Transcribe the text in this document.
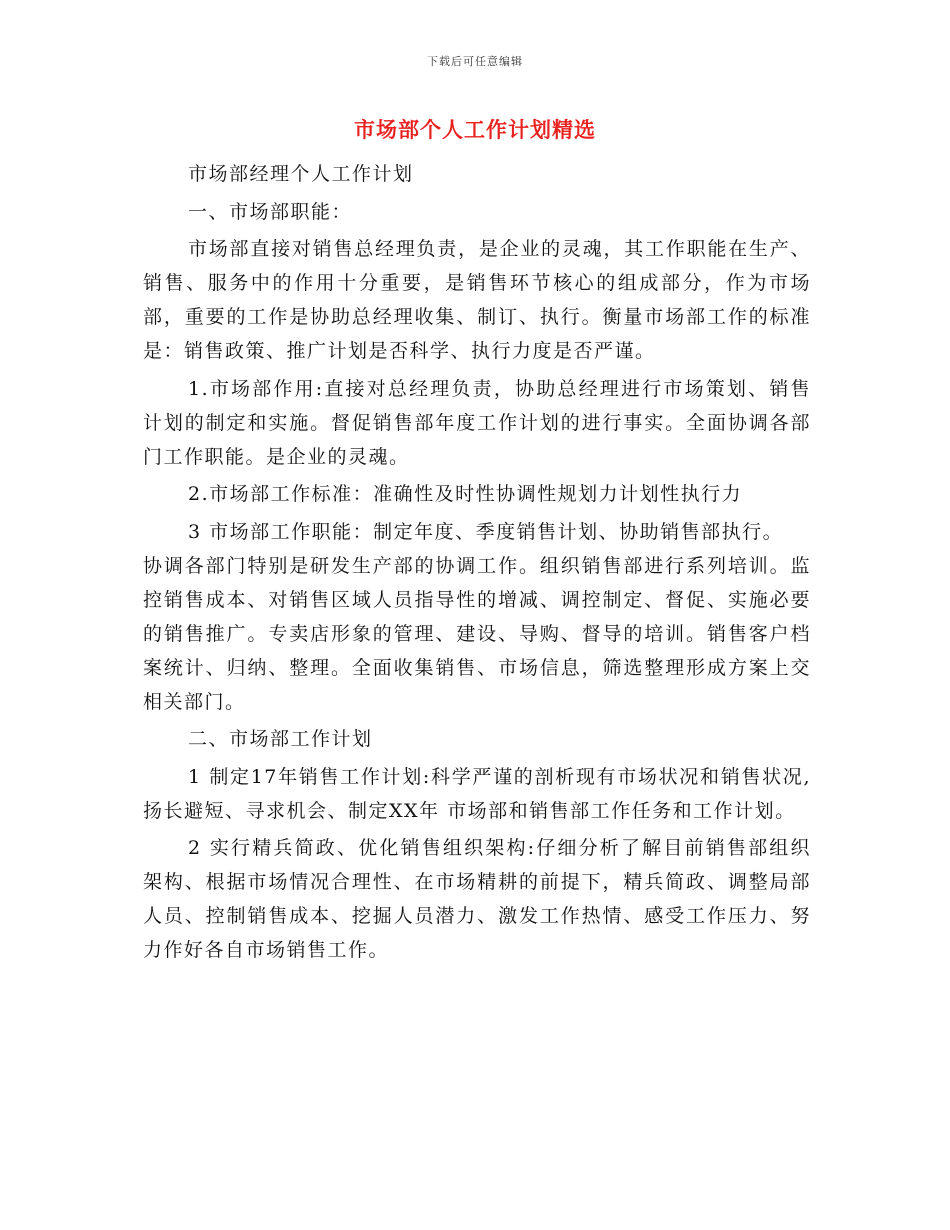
下载后可任意编辑
市场部个人工作计划精选

市场部经理个人工作计划

一、市场部职能：

市场部直接对销售总经理负责，是企业的灵魂，其工作职能在生产、销售、服务中的作用十分重要，是销售环节核心的组成部分，作为市场部，重要的工作是协助总经理收集、制订、执行。衡量市场部工作的标准是：销售政策、推广计划是否科学、执行力度是否严谨。

1.市场部作用:直接对总经理负责，协助总经理进行市场策划、销售计划的制定和实施。督促销售部年度工作计划的进行事实。全面协调各部门工作职能。是企业的灵魂。

2.市场部工作标准：准确性及时性协调性规划力计划性执行力

3 市场部工作职能：制定年度、季度销售计划、协助销售部执行。

协调各部门特别是研发生产部的协调工作。组织销售部进行系列培训。监控销售成本、对销售区域人员指导性的增减、调控制定、督促、实施必要的销售推广。专卖店形象的管理、建设、导购、督导的培训。销售客户档案统计、归纳、整理。全面收集销售、市场信息，筛选整理形成方案上交相关部门。

二、市场部工作计划

1 制定17年销售工作计划:科学严谨的剖析现有市场状况和销售状况,扬长避短、寻求机会、制定XX年 市场部和销售部工作任务和工作计划。

2 实行精兵简政、优化销售组织架构:仔细分析了解目前销售部组织架构、根据市场情况合理性、在市场精耕的前提下，精兵简政、调整局部人员、控制销售成本、挖掘人员潜力、激发工作热情、感受工作压力、努力作好各自市场销售工作。
